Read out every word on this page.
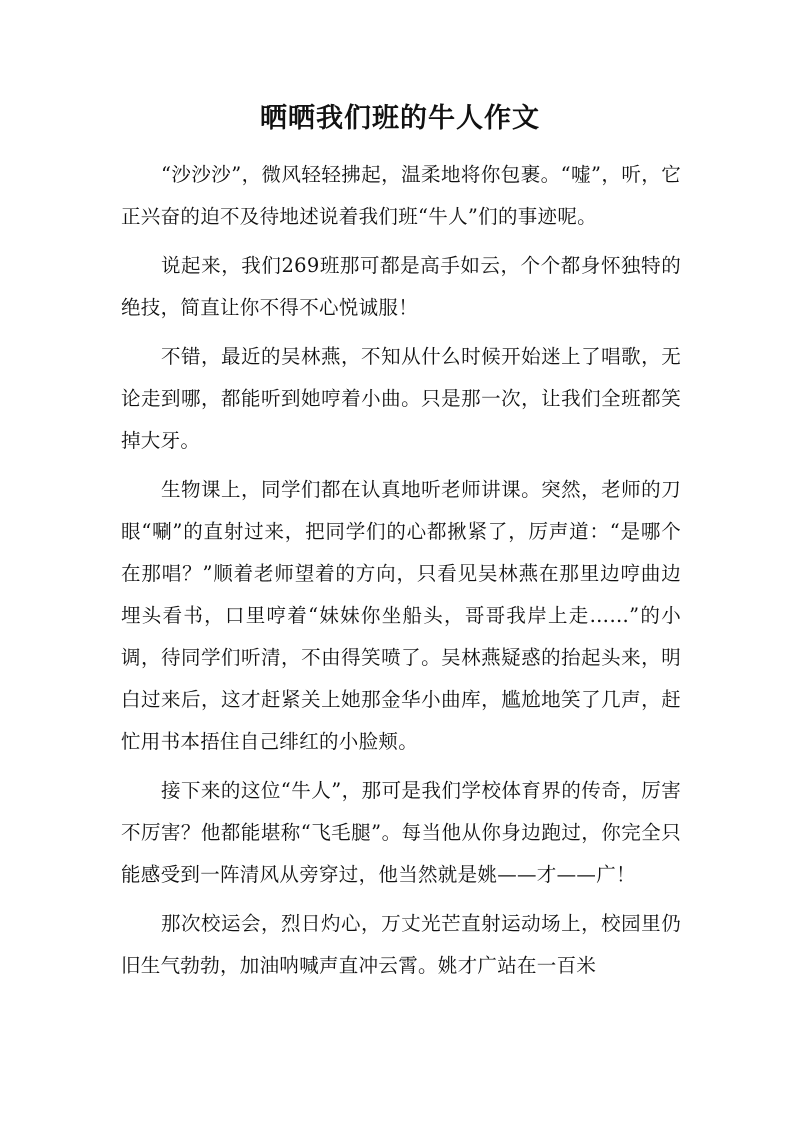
晒晒我们班的牛人作文

“沙沙沙”，微风轻轻拂起，温柔地将你包裹。“嘘”，听，它正兴奋的迫不及待地述说着我们班“牛人”们的事迹呢。

说起来，我们269班那可都是高手如云，个个都身怀独特的绝技，简直让你不得不心悦诚服！

不错，最近的吴林燕，不知从什么时候开始迷上了唱歌，无论走到哪，都能听到她哼着小曲。只是那一次，让我们全班都笑掉大牙。

生物课上，同学们都在认真地听老师讲课。突然，老师的刀眼“唰”的直射过来，把同学们的心都揪紧了，厉声道：“是哪个在那唱？”顺着老师望着的方向，只看见吴林燕在那里边哼曲边埋头看书，口里哼着“妹妹你坐船头，哥哥我岸上走……”的小调，待同学们听清，不由得笑喷了。吴林燕疑惑的抬起头来，明白过来后，这才赶紧关上她那金华小曲库，尴尬地笑了几声，赶忙用书本捂住自己绯红的小脸颊。

接下来的这位“牛人”，那可是我们学校体育界的传奇，厉害不厉害？他都能堪称“飞毛腿”。每当他从你身边跑过，你完全只能感受到一阵清风从旁穿过，他当然就是姚——才——广！

那次校运会，烈日灼心，万丈光芒直射运动场上，校园里仍旧生气勃勃，加油呐喊声直冲云霄。姚才广站在一百米
